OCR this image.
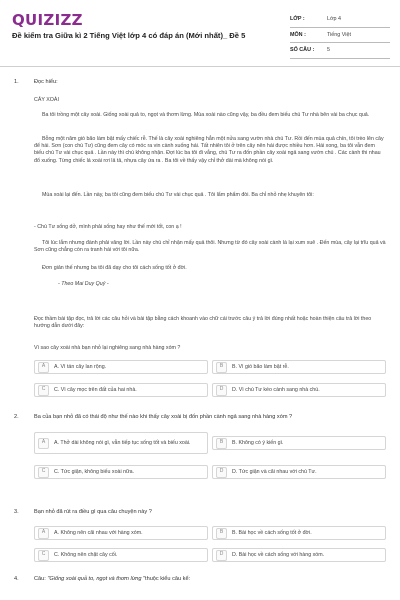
QUIZIZZ
Đề kiểm tra Giữa kì 2 Tiếng Việt lớp 4 có đáp án (Mới nhất)_ Đề 5
LỚP :	Lớp 4
MÔN :	Tiếng Việt
SỐ CÂU :	5
1.	Đọc hiểu:
CÂY XOÀI
Ba tôi trồng một cây xoài. Giống xoài quả to, ngọt và thơm lừng. Mùa xoài nào cũng vậy, ba đều đem biếu chú Tư nhà bên vài ba chục quả.
Bỗng một năm gió bão làm bật mấy chiếc rễ. Thế là cây xoài nghiêng hẳn một nửa sang vườn nhà chú Tư. Rồi đến mùa quả chín, tôi trèo lên cây để hái. Sơn (con chú Tư) cũng đem cây có móc ra vin cành xuống hái. Tất nhiên tôi ở trên cây nên hái được nhiều hơn. Hái xong, ba tôi vẫn đem biếu chú Tư vài chục quả . Lần này thì chú không nhận. Đợi lúc ba tôi đi vắng, chú Tư ra đốn phần cây xoài ngả sang vườn chú . Các cành thi nhau đổ xuống. Từng chiếc lá xoài rơi lả tả, nhựa cây ứa ra . Ba tôi về thấy vậy chỉ thở dài mà không nói gì.
Mùa xoài lại đến. Lần này, ba tôi cũng đem biếu chú Tư vài chục quả . Tôi lẩm phẩm đòi. Ba chỉ nhỏ nhẹ khuyên tôi:
- Chú Tư sống dở, mình phải sống hay như thế mới tốt, con ạ !
Tôi lúc lắm nhưng đành phải vâng lời. Lần này chú chỉ nhận mấy quả thôi. Nhưng từ đó cây xoài cành lá lại xum xuê . Đến mùa, cây lại trĩu quả và Sơn cũng chẳng còn ra tranh hái với tôi nữa.
Đơn giản thế nhưng ba tôi đã dạy cho tôi cách sống tốt ở đời.
- Theo Mai Duy Quý -
Đọc thầm bài tập đọc, trả lời các câu hỏi và bài tập bằng cách khoanh vào chữ cái trước câu ý trả lời đúng nhất hoặc hoàn thiện câu trả lời theo hướng dẫn dưới đây:
Vì sao cây xoài nhà bạn nhỏ lại nghiêng sang nhà hàng xóm ?
A	A. Vì tán cây lan rộng.	B	B. Vì gió bão làm bật rễ.
C	C. Vì cây mọc trên đất của hai nhà.	D	D. Vì chú Tư kéo cành sang nhà chú.
2.	Ba của bạn nhỏ đã có thái độ như thế nào khi thấy cây xoài bị đốn phần cành ngả sang nhà hàng xóm ?
A	A. Thở dài không nói gì, vẫn tiếp tục sống tốt và biếu xoài.	B	B. Không có ý kiến gì.
C	C. Tức giận, không biếu xoài nữa.	D	D. Tức giận và cãi nhau với chú Tư.
3.	Bạn nhỏ đã rút ra điều gì qua câu chuyện này ?
A	A. Không nên cãi nhau với hàng xóm.	B	B. Bài học về cách sống tốt ở đời.
C	C. Không nên chặt cây cối.	D	D. Bài học về cách sống với hàng xóm.
4.	Câu: "Giống xoài quả to, ngọt và thơm lừng "thuộc kiểu câu kể:
